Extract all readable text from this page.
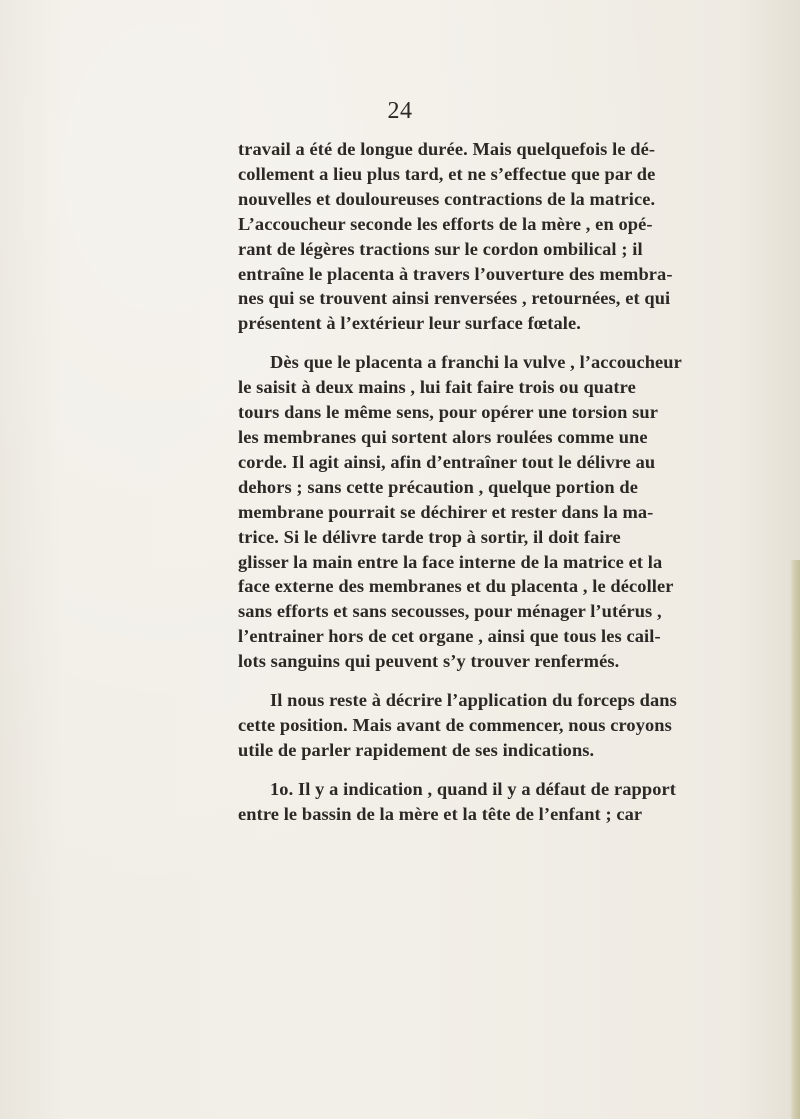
24
travail a été de longue durée. Mais quelquefois le dé-
collement a lieu plus tard, et ne s’effectue que par de
nouvelles et douloureuses contractions de la matrice.
L’accoucheur seconde les efforts de la mère , en opé-
rant de légères tractions sur le cordon ombilical ; il
entraîne le placenta à travers l’ouverture des membra-
nes qui se trouvent ainsi renversées , retournées, et qui
présentent à l’extérieur leur surface fœtale.
Dès que le placenta a franchi la vulve , l’accoucheur
le saisit à deux mains , lui fait faire trois ou quatre
tours dans le même sens, pour opérer une torsion sur
les membranes qui sortent alors roulées comme une
corde. Il agit ainsi, afin d’entraîner tout le délivre au
dehors ; sans cette précaution , quelque portion de
membrane pourrait se déchirer et rester dans la ma-
trice. Si le délivre tarde trop à sortir, il doit faire
glisser la main entre la face interne de la matrice et la
face externe des membranes et du placenta , le décoller
sans efforts et sans secousses, pour ménager l’utérus ,
l’entrainer hors de cet organe , ainsi que tous les cail-
lots sanguins qui peuvent s’y trouver renfermés.
Il nous reste à décrire l’application du forceps dans
cette position. Mais avant de commencer, nous croyons
utile de parler rapidement de ses indications.
1o. Il y a indication , quand il y a défaut de rapport
entre le bassin de la mère et la tête de l’enfant ; car
